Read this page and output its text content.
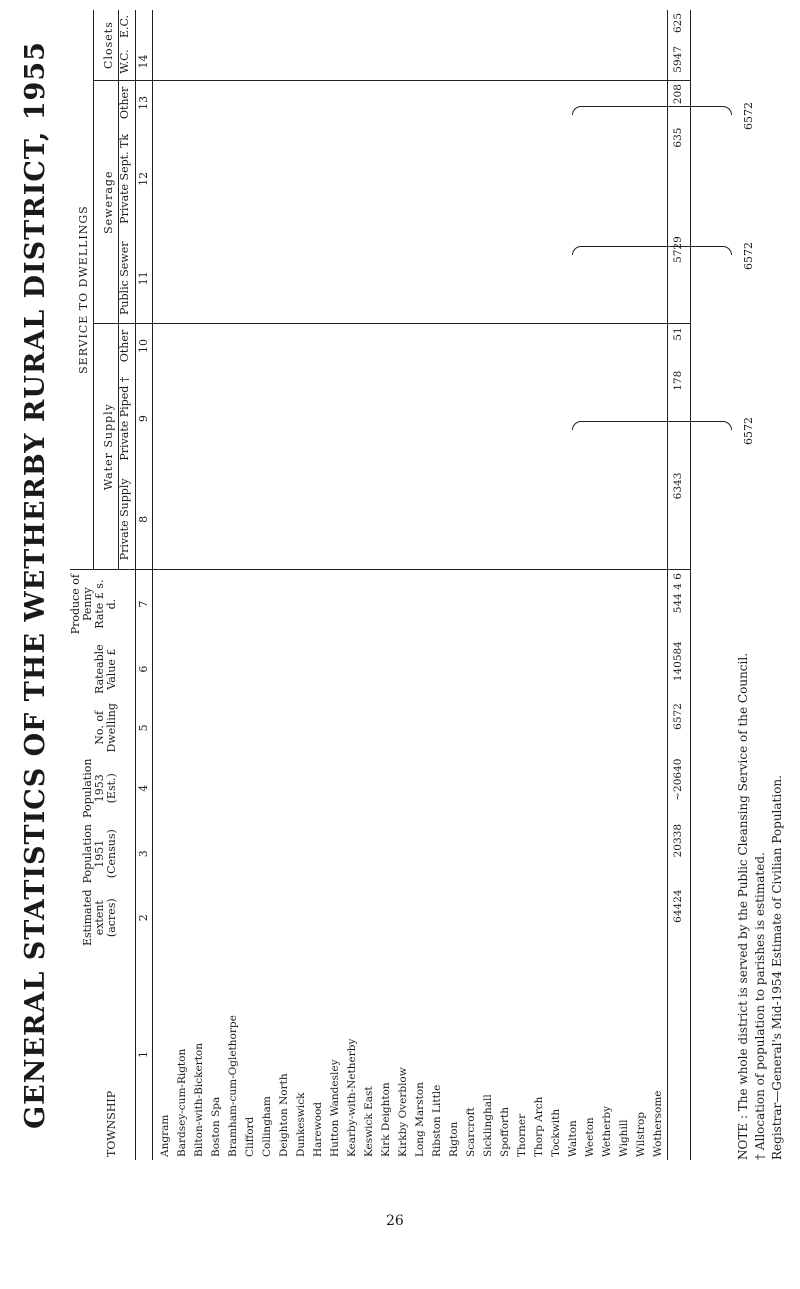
GENERAL STATISTICS OF THE WETHERBY RURAL DISTRICT, 1955	TOWNSHIP	Estimated extent (acres)	Population 1951 (Census)	Population 1953 (Est.)	No. of Dwelling	Rateable Value £	Produce of Penny Rate £ s. d.	SERVICE TO DWELLINGS							
							Water Supply			Sewerage			Closets	
							Private Supply	Private Piped †	Other	Public Sewer	Private Sept. Tk	Other	W.C.	E.C.
1	2	3	4	5	6	7	8	9	10	11	12	13	14	
Angram														
Bardsey-cum-Rigton														
Bilton-with-Bickerton														
Boston Spa														
Bramham-cum-Oglethorpe														
Clifford														
Collingham														
Deighton North														
Dunkeswick														
Harewood														
Hutton Wandesley														
Kearby-with-Netherby														
Keswick East														
Kirk Deighton														
Kirkby Overblow														
Long Marston														
Ribston Little														
Rigton														
Scarcroft														
Sicklinghall														
Spofforth														
Thorner														
Thorp Arch														
Tockwith														
Walton														
Weeton														
Wetherby														
Wighill														
Wilstrop														
Wothersome														
	64424	20338	~20640	6572	140584	544 4 6	6343	178	51	5729	635	208	5947	625
6572
6572
6572
NOTE : The whole district is served by the Public Cleansing Service of the Council. † Allocation of population to parishes is estimated. Registrar—General's Mid-1954 Estimate of Civilian Population.
26
